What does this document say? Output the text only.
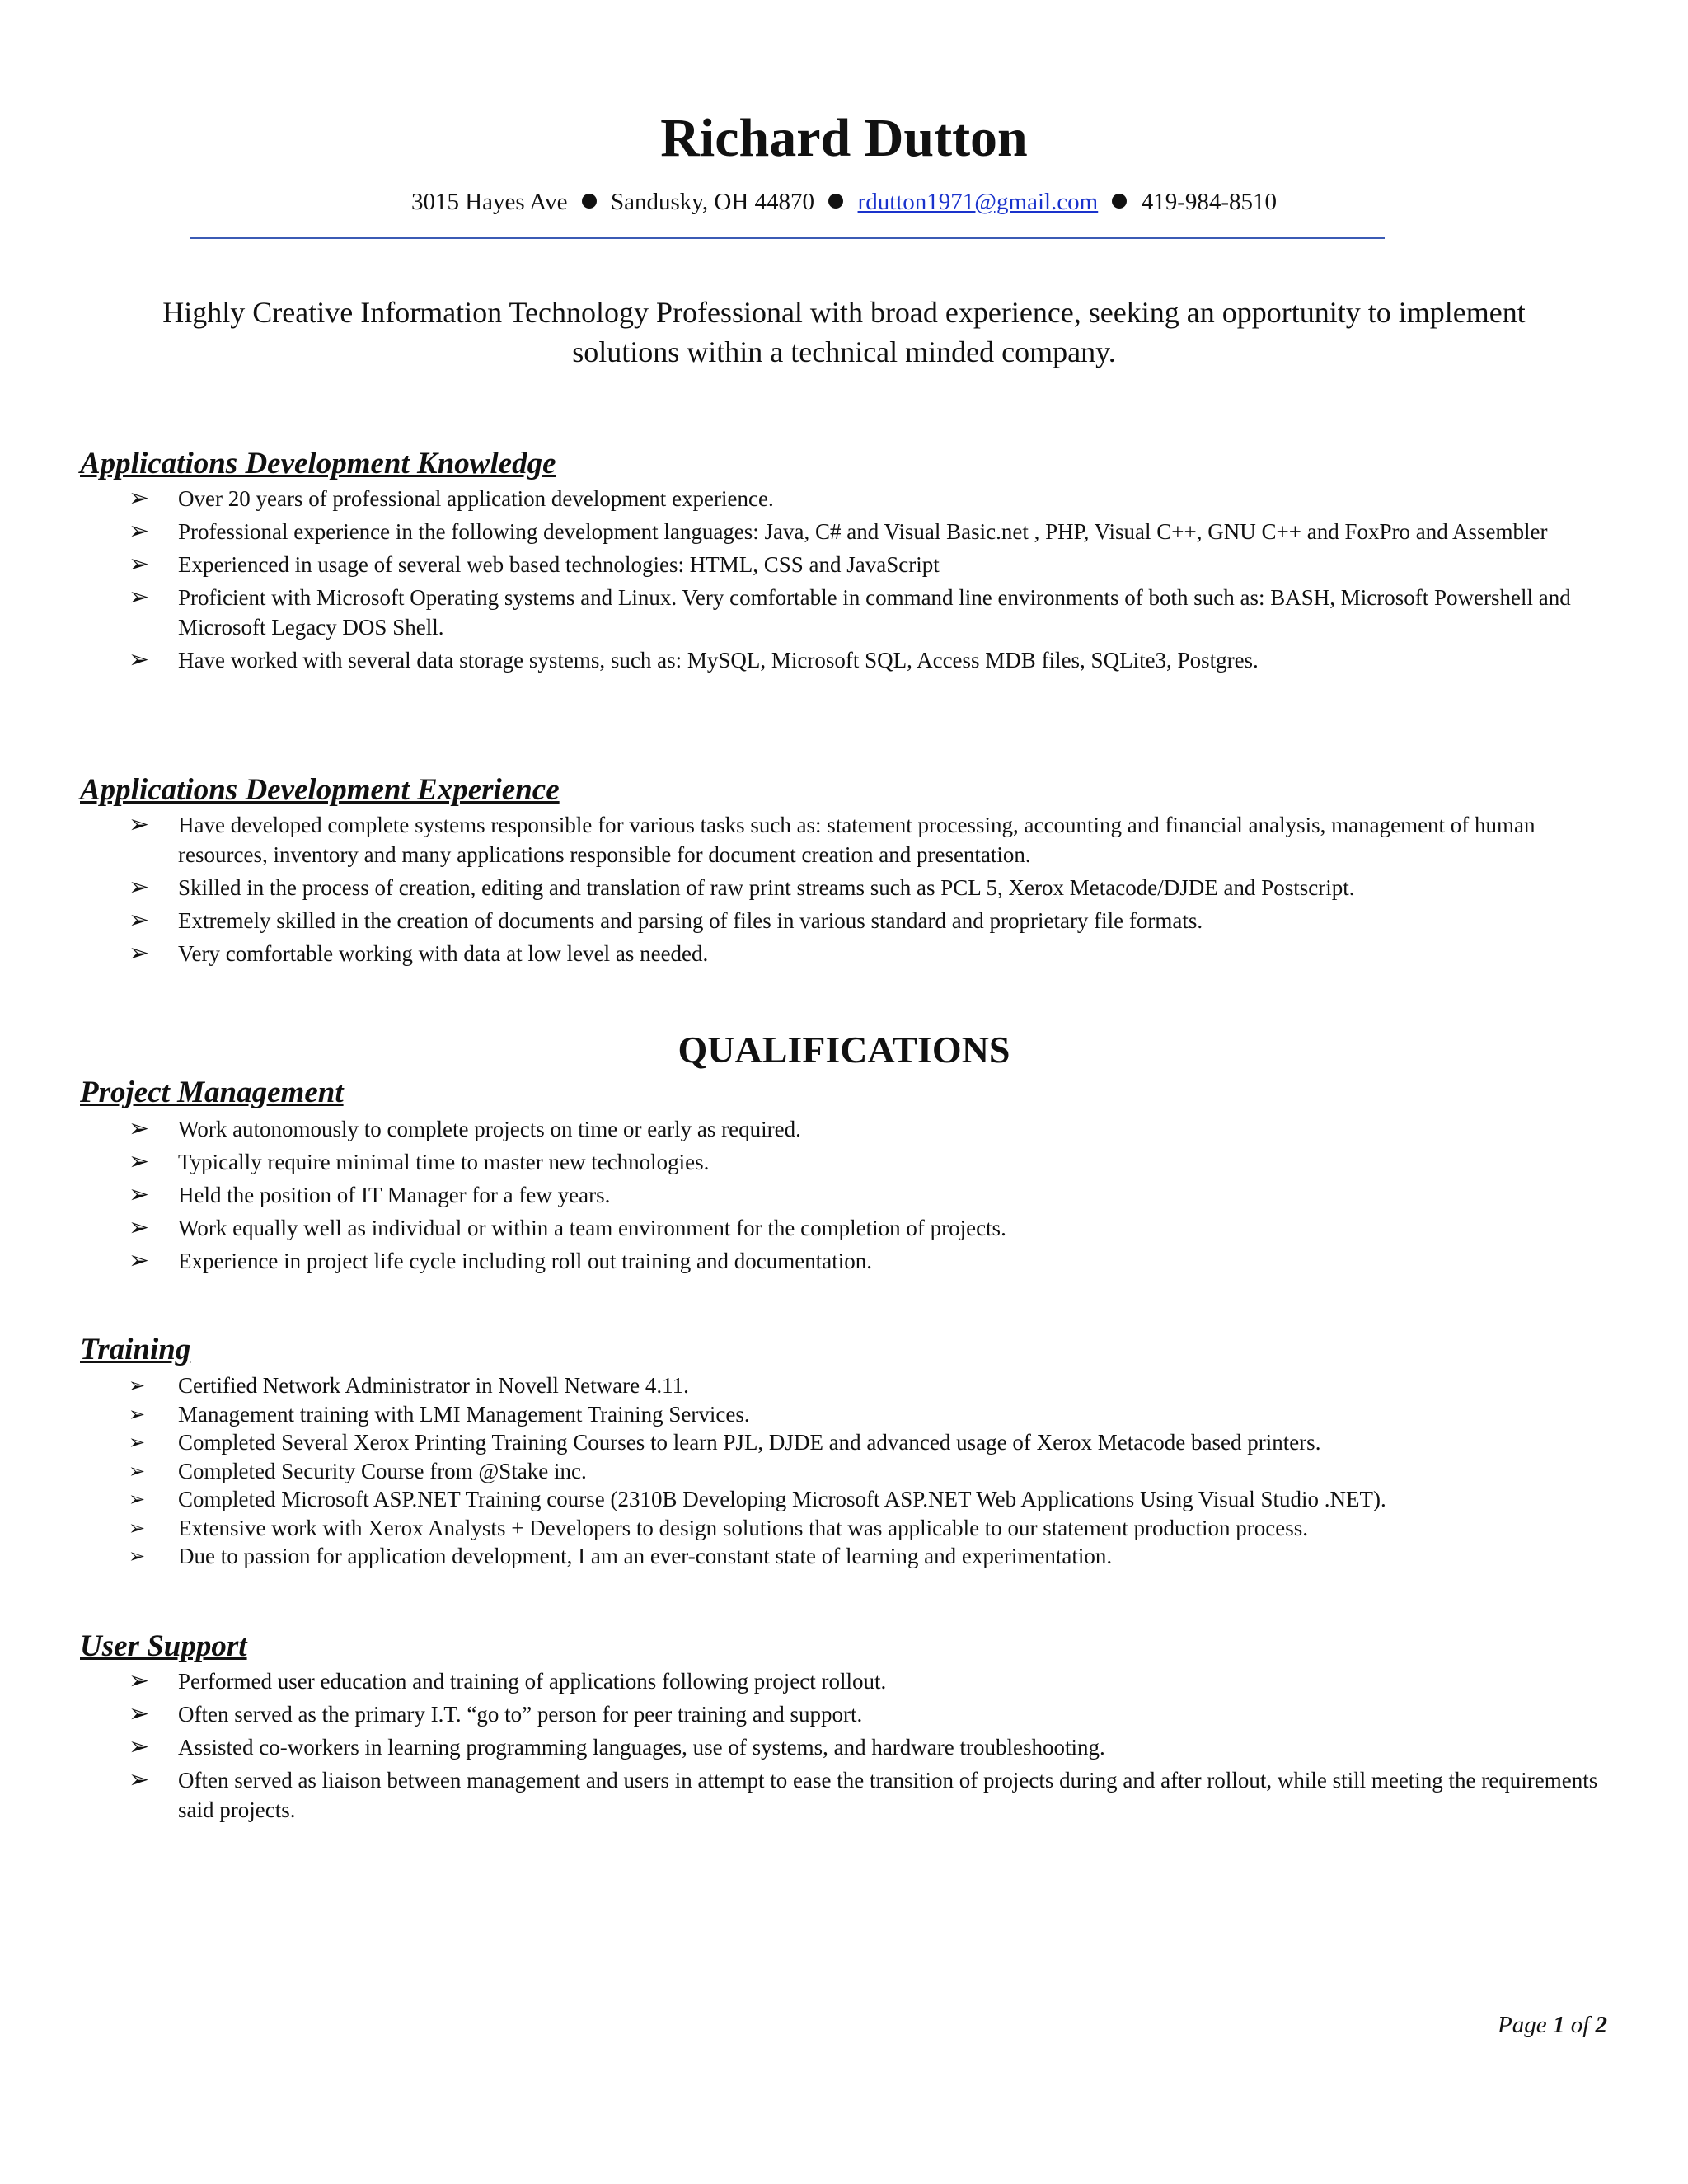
Richard Dutton
3015 Hayes Ave Sandusky, OH 44870 rdutton1971@gmail.com 419-984-8510

Highly Creative Information Technology Professional with broad experience, seeking an opportunity to implement

solutions within a technical minded company.

Applications Development Knowledge
➢ Over 20 years of professional application development experience.
➢ Professional experience in the following development languages: Java, C# and Visual Basic.net , PHP, Visual C++, GNU C++ and FoxPro and Assembler
➢ Experienced in usage of several web based technologies: HTML, CSS and JavaScript
➢ Proficient with Microsoft Operating systems and Linux. Very comfortable in command line environments of both such as: BASH, Microsoft Powershell and Microsoft Legacy DOS Shell.
➢ Have worked with several data storage systems, such as: MySQL, Microsoft SQL, Access MDB files, SQLite3, Postgres.
Applications Development Experience
➢ Have developed complete systems responsible for various tasks such as: statement processing, accounting and financial analysis, management of human resources, inventory and many applications responsible for document creation and presentation.
➢ Skilled in the process of creation, editing and translation of raw print streams such as PCL 5, Xerox Metacode/DJDE and Postscript.
➢ Extremely skilled in the creation of documents and parsing of files in various standard and proprietary file formats.
➢ Very comfortable working with data at low level as needed.
QUALIFICATIONS
Project Management
➢ Work autonomously to complete projects on time or early as required.
➢ Typically require minimal time to master new technologies.
➢ Held the position of IT Manager for a few years.
➢ Work equally well as individual or within a team environment for the completion of projects.
➢ Experience in project life cycle including roll out training and documentation.
Training
➢ Certified Network Administrator in Novell Netware 4.11.
➢ Management training with LMI Management Training Services.
➢ Completed Several Xerox Printing Training Courses to learn PJL, DJDE and advanced usage of Xerox Metacode based printers.
➢ Completed Security Course from @Stake inc.
➢ Completed Microsoft ASP.NET Training course (2310B Developing Microsoft ASP.NET Web Applications Using Visual Studio .NET).
➢ Extensive work with Xerox Analysts + Developers to design solutions that was applicable to our statement production process.
➢ Due to passion for application development, I am an ever-constant state of learning and experimentation.
User Support
➢ Performed user education and training of applications following project rollout.
➢ Often served as the primary I.T. “go to” person for peer training and support.
➢ Assisted co-workers in learning programming languages, use of systems, and hardware troubleshooting.
➢ Often served as liaison between management and users in attempt to ease the transition of projects during and after rollout, while still meeting the requirements said projects.
Page 1 of 2
